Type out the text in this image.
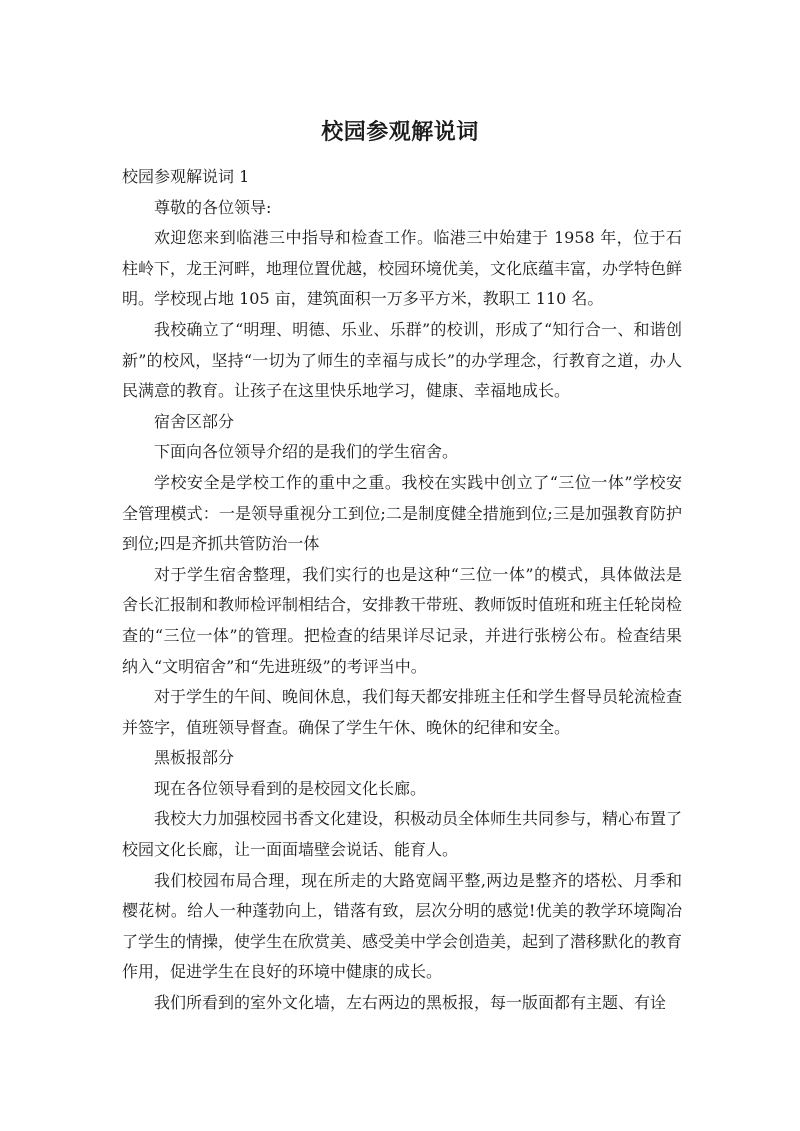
校园参观解说词

校园参观解说词 1

尊敬的各位领导:

欢迎您来到临港三中指导和检查工作。临港三中始建于 1958 年，位于石柱岭下，龙王河畔，地理位置优越，校园环境优美，文化底蕴丰富，办学特色鲜明。学校现占地 105 亩，建筑面积一万多平方米，教职工 110 名。

我校确立了“明理、明德、乐业、乐群”的校训，形成了“知行合一、和谐创新”的校风，坚持“一切为了师生的幸福与成长”的办学理念，行教育之道，办人民满意的教育。让孩子在这里快乐地学习，健康、幸福地成长。

宿舍区部分

下面向各位领导介绍的是我们的学生宿舍。

学校安全是学校工作的重中之重。我校在实践中创立了“三位一体”学校安全管理模式：一是领导重视分工到位;二是制度健全措施到位;三是加强教育防护到位;四是齐抓共管防治一体

对于学生宿舍整理，我们实行的也是这种“三位一体”的模式，具体做法是舍长汇报制和教师检评制相结合，安排教干带班、教师饭时值班和班主任轮岗检查的“三位一体”的管理。把检查的结果详尽记录，并进行张榜公布。检查结果纳入“文明宿舍”和“先进班级”的考评当中。

对于学生的午间、晚间休息，我们每天都安排班主任和学生督导员轮流检查并签字，值班领导督查。确保了学生午休、晚休的纪律和安全。

黑板报部分

现在各位领导看到的是校园文化长廊。

我校大力加强校园书香文化建设，积极动员全体师生共同参与，精心布置了校园文化长廊，让一面面墙壁会说话、能育人。

我们校园布局合理，现在所走的大路宽阔平整,两边是整齐的塔松、月季和樱花树。给人一种蓬勃向上，错落有致，层次分明的感觉!优美的教学环境陶冶了学生的情操，使学生在欣赏美、感受美中学会创造美，起到了潜移默化的教育作用，促进学生在良好的环境中健康的成长。

我们所看到的室外文化墙，左右两边的黑板报，每一版面都有主题、有诠
